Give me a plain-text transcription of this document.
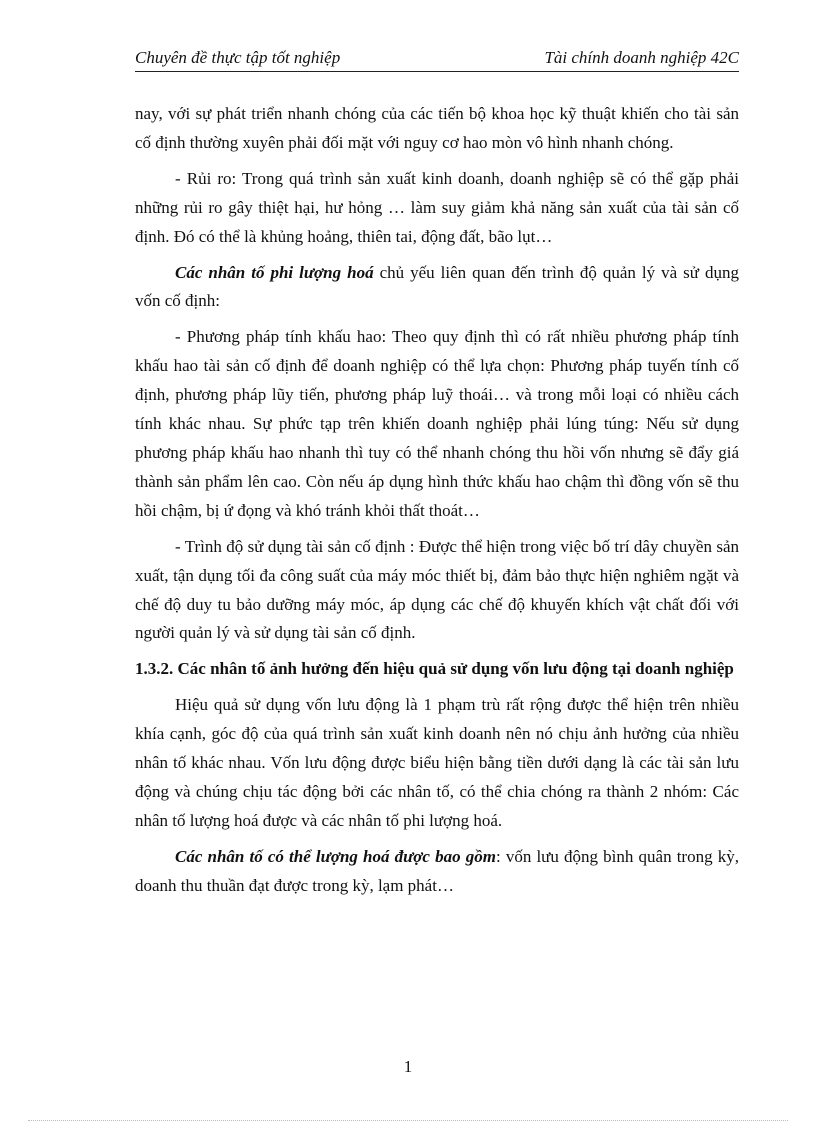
Chuyên đề thực tập tốt nghiệp	Tài chính doanh nghiệp 42C

nay, với sự phát triển nhanh chóng của các tiến bộ khoa học kỹ thuật khiến cho tài sản cố định thường xuyên phải đối mặt với nguy cơ hao mòn vô hình nhanh chóng.

- Rủi ro: Trong quá trình sản xuất kinh doanh, doanh nghiệp sẽ có thể gặp phải những rủi ro gây thiệt hại, hư hỏng … làm suy giảm khả năng sản xuất của tài sản cố định. Đó có thể là khủng hoảng, thiên tai, động đất, bão lụt…

Các nhân tố phi lượng hoá chủ yếu liên quan đến trình độ quản lý và sử dụng vốn cố định:

- Phương pháp tính khấu hao: Theo quy định thì có rất nhiều phương pháp tính khấu hao tài sản cố định để doanh nghiệp có thể lựa chọn: Phương pháp tuyến tính cố định, phương pháp lũy tiến, phương pháp luỹ thoái… và trong mỗi loại có nhiều cách tính khác nhau. Sự phức tạp trên khiến doanh nghiệp phải lúng túng: Nếu sử dụng phương pháp khấu hao nhanh thì tuy có thể nhanh chóng thu hồi vốn nhưng sẽ đẩy giá thành sản phẩm lên cao. Còn nếu áp dụng hình thức khấu hao chậm thì đồng vốn sẽ thu hồi chậm, bị ứ đọng và khó tránh khỏi thất thoát…

- Trình độ sử dụng tài sản cố định : Được thể hiện trong việc bố trí dây chuyền sản xuất, tận dụng tối đa công suất của máy móc thiết bị, đảm bảo thực hiện nghiêm ngặt và chế độ duy tu bảo dưỡng máy móc, áp dụng các chế độ khuyến khích vật chất đối với người quản lý và sử dụng tài sản cố định.

1.3.2. Các nhân tố ảnh hưởng đến hiệu quả sử dụng vốn lưu động tại doanh nghiệp

Hiệu quả sử dụng vốn lưu động là 1 phạm trù rất rộng được thể hiện trên nhiều khía cạnh, góc độ của quá trình sản xuất kinh doanh nên nó chịu ảnh hưởng của nhiều nhân tố khác nhau. Vốn lưu động được biểu hiện bằng tiền dưới dạng là các tài sản lưu động và chúng chịu tác động bởi các nhân tố, có thể chia chóng ra thành 2 nhóm: Các nhân tố lượng hoá được và các nhân tố phi lượng hoá.

Các nhân tố có thể lượng hoá được bao gồm: vốn lưu động bình quân trong kỳ, doanh thu thuần đạt được trong kỳ, lạm phát…

1
